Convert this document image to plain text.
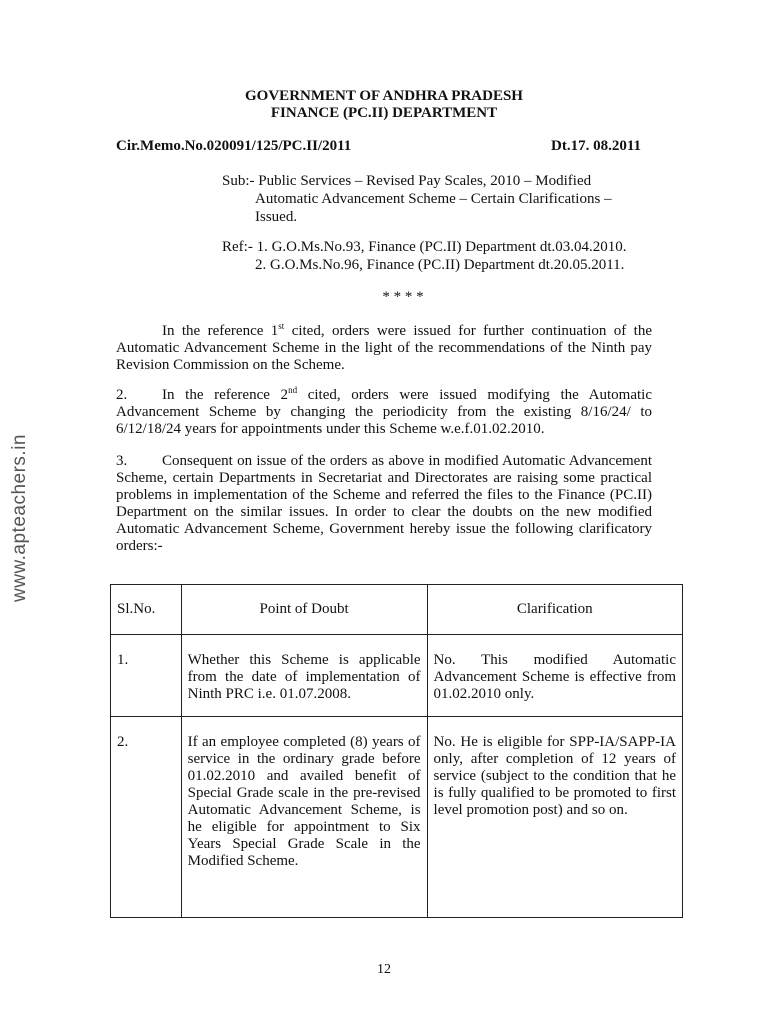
www.apteachers.in
GOVERNMENT OF ANDHRA PRADESH
FINANCE (PC.II) DEPARTMENT
Cir.Memo.No.020091/125/PC.II/2011	Dt.17. 08.2011
Sub:- Public Services – Revised Pay Scales, 2010 – Modified
Automatic Advancement Scheme – Certain Clarifications –
Issued.
Ref:- 1. G.O.Ms.No.93, Finance (PC.II) Department dt.03.04.2010.
2. G.O.Ms.No.96, Finance (PC.II) Department dt.20.05.2011.
* * * *
In the reference 1st cited, orders were issued for further continuation of the Automatic Advancement Scheme in the light of the recommendations of the Ninth pay Revision Commission on the Scheme.
2. In the reference 2nd cited, orders were issued modifying the Automatic Advancement Scheme by changing the periodicity from the existing 8/16/24/ to 6/12/18/24 years for appointments under this Scheme w.e.f.01.02.2010.
3. Consequent on issue of the orders as above in modified Automatic Advancement Scheme, certain Departments in Secretariat and Directorates are raising some practical problems in implementation of the Scheme and referred the files to the Finance (PC.II) Department on the similar issues. In order to clear the doubts on the new modified Automatic Advancement Scheme, Government hereby issue the following clarificatory orders:-
Sl.No.	Point of Doubt	Clarification
1.	Whether this Scheme is applicable from the date of implementation of Ninth PRC i.e. 01.07.2008.	No. This modified Automatic Advancement Scheme is effective from 01.02.2010 only.
2.	If an employee completed (8) years of service in the ordinary grade before 01.02.2010 and availed benefit of Special Grade scale in the pre-revised Automatic Advancement Scheme, is he eligible for appointment to Six Years Special Grade Scale in the Modified Scheme.	No. He is eligible for SPP-IA/SAPP-IA only, after completion of 12 years of service (subject to the condition that he is fully qualified to be promoted to first level promotion post) and so on.
12
